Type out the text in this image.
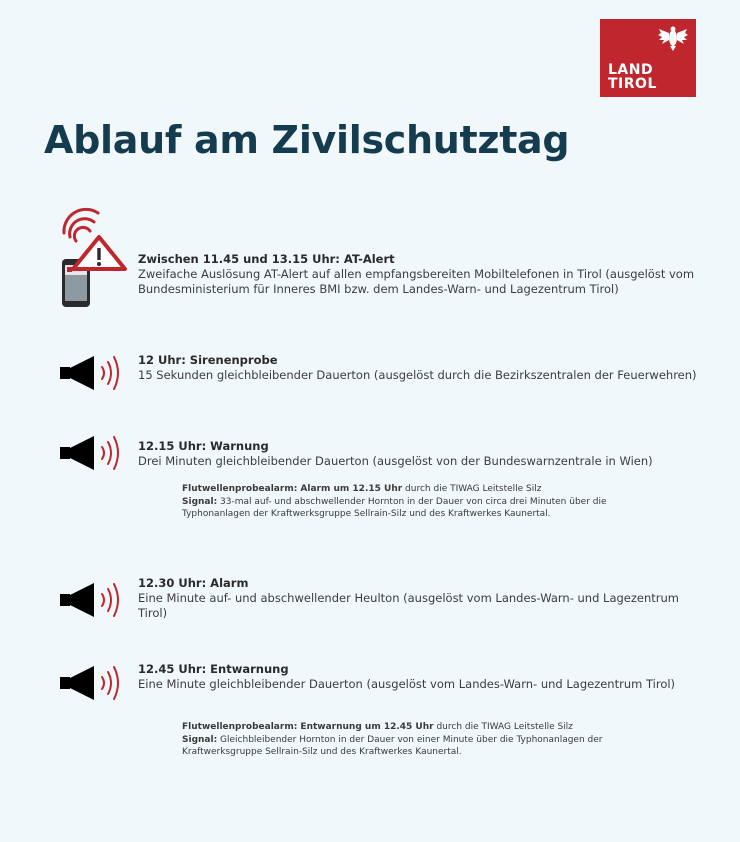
LAND
TIROL
Ablauf am Zivilschutztag
Zwischen 11.45 und 13.15 Uhr: AT-Alert
Zweifache Auslösung AT-Alert auf allen empfangsbereiten Mobiltelefonen in Tirol (ausgelöst vom Bundesministerium für Inneres BMI bzw. dem Landes-Warn- und Lagezentrum Tirol)
12 Uhr: Sirenenprobe
15 Sekunden gleichbleibender Dauerton (ausgelöst durch die Bezirkszentralen der Feuerwehren)
12.15 Uhr: Warnung
Drei Minuten gleichbleibender Dauerton (ausgelöst von der Bundeswarnzentrale in Wien)
Flutwellenprobealarm: Alarm um 12.15 Uhr durch die TIWAG Leitstelle Silz
Signal: 33-mal auf- und abschwellender Hornton in der Dauer von circa drei Minuten über die Typhonanlagen der Kraftwerksgruppe Sellrain-Silz und des Kraftwerkes Kaunertal.
12.30 Uhr: Alarm
Eine Minute auf- und abschwellender Heulton (ausgelöst vom Landes-Warn- und Lagezentrum Tirol)
12.45 Uhr: Entwarnung
Eine Minute gleichbleibender Dauerton (ausgelöst vom Landes-Warn- und Lagezentrum Tirol)
Flutwellenprobealarm: Entwarnung um 12.45 Uhr durch die TIWAG Leitstelle Silz
Signal: Gleichbleibender Hornton in der Dauer von einer Minute über die Typhonanlagen der Kraftwerksgruppe Sellrain-Silz und des Kraftwerkes Kaunertal.
